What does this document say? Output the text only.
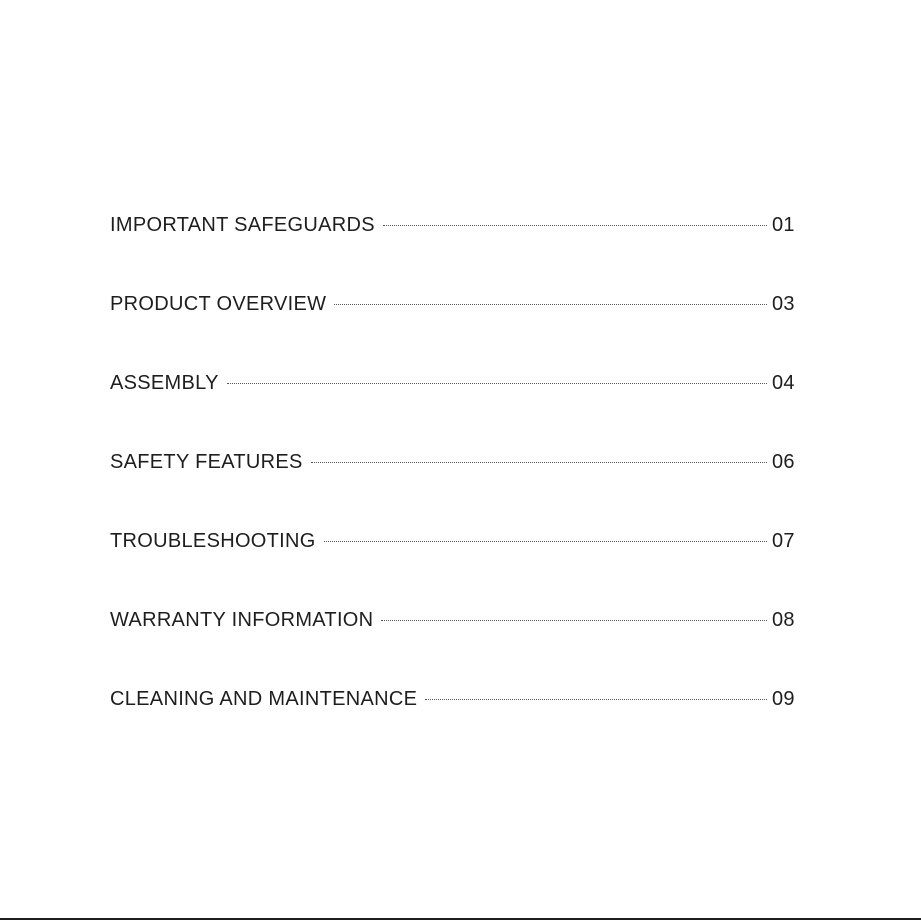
IMPORTANT SAFEGUARDS	01
PRODUCT OVERVIEW	03
ASSEMBLY	04
SAFETY FEATURES	06
TROUBLESHOOTING	07
WARRANTY INFORMATION	08
CLEANING AND MAINTENANCE	09
